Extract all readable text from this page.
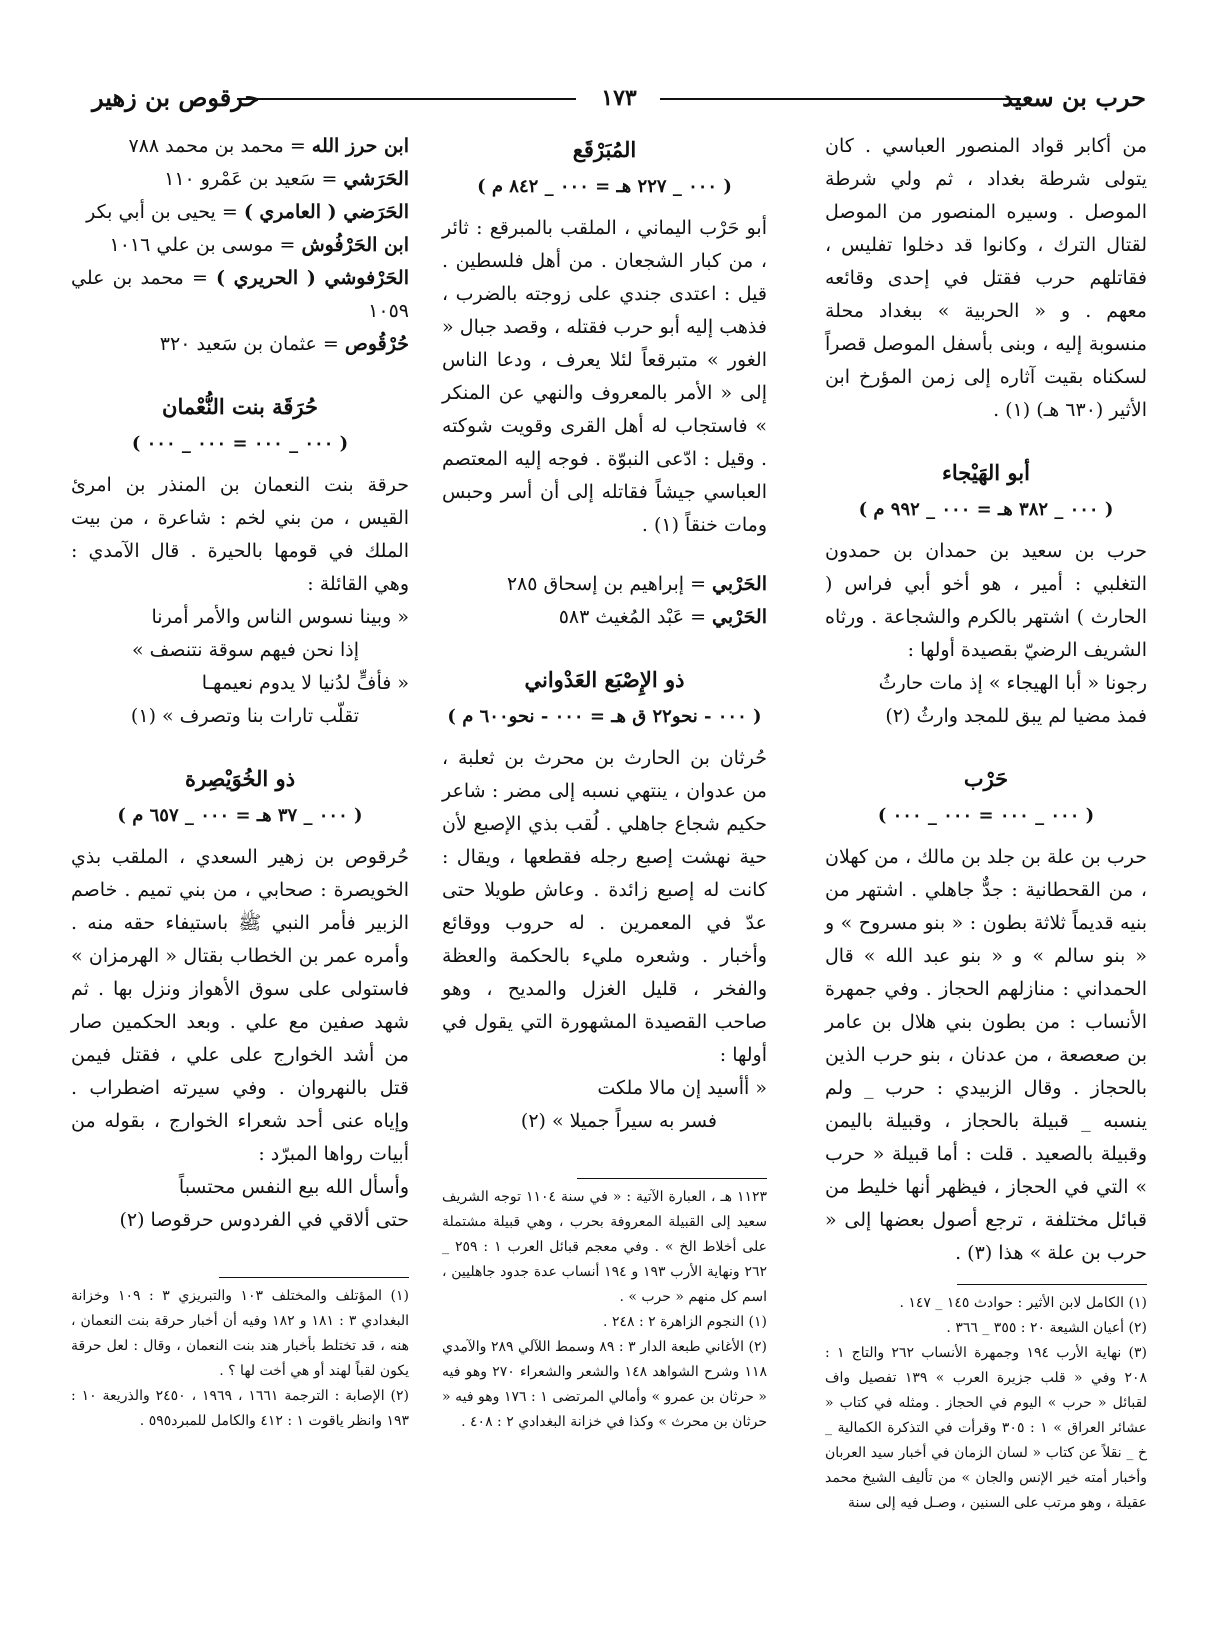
حرب بن سعيد
١٧٣
حرقوص بن زهير

من أكابر قواد المنصور العباسي . كان يتولى شرطة بغداد ، ثم ولي شرطة الموصل . وسيره المنصور من الموصل لقتال الترك ، وكانوا قد دخلوا تفليس ، فقاتلهم حرب فقتل في إحدى وقائعه معهم . و « الحربية » ببغداد محلة منسوبة إليه ، وبنى بأسفل الموصل قصراً لسكناه بقيت آثاره إلى زمن المؤرخ ابن الأثير (٦٣٠ هـ) (١) .

أبو الهَيْجاء

( ٠٠٠ _ ٣٨٢ هـ = ٠٠٠ _ ٩٩٢ م )

حرب بن سعيد بن حمدان بن حمدون التغلبي : أمير ، هو أخو أبي فراس ( الحارث ) اشتهر بالكرم والشجاعة . ورثاه الشريف الرضيّ بقصيدة أولها :

رجونا « أبا الهيجاء » إذ مات حارثُ

فمذ مضيا لم يبق للمجد وارثُ (٢)

حَرْب

( ٠٠٠ _ ٠٠٠ = ٠٠٠ _ ٠٠٠ )

حرب بن علة بن جلد بن مالك ، من كهلان ، من القحطانية : جدٌّ جاهلي . اشتهر من بنيه قديماً ثلاثة بطون : « بنو مسروح » و « بنو سالم » و « بنو عبد الله » قال الحمداني : منازلهم الحجاز . وفي جمهرة الأنساب : من بطون بني هلال بن عامر بن صعصعة ، من عدنان ، بنو حرب الذين بالحجاز . وقال الزبيدي : حرب _ ولم ينسبه _ قبيلة بالحجاز ، وقبيلة باليمن وقبيلة بالصعيد . قلت : أما قبيلة « حرب » التي في الحجاز ، فيظهر أنها خليط من قبائل مختلفة ، ترجع أصول بعضها إلى « حرب بن علة » هذا (٣) .

(١) الكامل لابن الأثير : حوادث ١٤٥ _ ١٤٧ .

(٢) أعيان الشيعة ٢٠ : ٣٥٥ _ ٣٦٦ .

(٣) نهاية الأرب ١٩٤ وجمهرة الأنساب ٢٦٢ والتاج ١ : ٢٠٨ وفي « قلب جزيرة العرب » ١٣٩ تفصيل واف لقبائل « حرب » اليوم في الحجاز . ومثله في كتاب « عشائر العراق » ١ : ٣٠٥ وقرأت في التذكرة الكمالية _ خ _ نقلاً عن كتاب « لسان الزمان في أخبار سيد العربان وأخبار أمته خير الإنس والجان » من تأليف الشيخ محمد عقيلة ، وهو مرتب على السنين ، وصـل فيه إلى سنة

المُبَرْقَع

( ٠٠٠ _ ٢٢٧ هـ = ٠٠٠ _ ٨٤٢ م )

أبو حَرْب اليماني ، الملقب بالمبرقع : ثائر ، من كبار الشجعان . من أهل فلسطين . قيل : اعتدى جندي على زوجته بالضرب ، فذهب إليه أبو حرب فقتله ، وقصد جبال « الغور » متبرقعاً لئلا يعرف ، ودعا الناس إلى « الأمر بالمعروف والنهي عن المنكر » فاستجاب له أهل القرى وقويت شوكته . وقيل : ادّعى النبوّة . فوجه إليه المعتصم العباسي جيشاً فقاتله إلى أن أسر وحبس ومات خنقاً (١) .

الحَرْبي = إبراهيم بن إسحاق ٢٨٥

الحَرْبي = عَبْد المُغيث ٥٨٣

ذو الإِصْبَع العَدْواني

( ٠٠٠ - نحو٢٢ ق هـ = ٠٠٠ - نحو٦٠٠ م )

حُرثان بن الحارث بن محرث بن ثعلبة ، من عدوان ، ينتهي نسبه إلى مضر : شاعر حكيم شجاع جاهلي . لُقب بذي الإصبع لأن حية نهشت إصبع رجله فقطعها ، ويقال : كانت له إصبع زائدة . وعاش طويلا حتى عدّ في المعمرين . له حروب ووقائع وأخبار . وشعره مليء بالحكمة والعظة والفخر ، قليل الغزل والمديح ، وهو صاحب القصيدة المشهورة التي يقول في أولها :

« أأسيد إن مالا ملكت

فسر به سيراً جميلا » (٢)

١١٢٣ هـ ، العبارة الآتية : « في سنة ١١٠٤ توجه الشريف سعيد إلى القبيلة المعروفة بحرب ، وهي قبيلة مشتملة على أخلاط الخ » . وفي معجم قبائل العرب ١ : ٢٥٩ _ ٢٦٢ ونهاية الأرب ١٩٣ و ١٩٤ أنساب عدة جدود جاهليين ، اسم كل منهم « حرب » .

(١) النجوم الزاهرة ٢ : ٢٤٨ .

(٢) الأغاني طبعة الدار ٣ : ٨٩ وسمط اللآلي ٢٨٩ والآمدي ١١٨ وشرح الشواهد ١٤٨ والشعر والشعراء ٢٧٠ وهو فيه « حرثان بن عمرو » وأمالي المرتضى ١ : ١٧٦ وهو فيه « حرثان بن محرث » وكذا في خزانة البغدادي ٢ : ٤٠٨ .

ابن حرز الله = محمد بن محمد ٧٨٨

الحَرَشي = سَعيد بن عَمْرو ١١٠

الحَرَضي ( العامري ) = يحيى بن أبي بكر

ابن الحَرْفُوش = موسى بن علي ١٠١٦

الحَرْفوشي ( الحريري ) = محمد بن علي ١٠٥٩

حُرْقُوص = عثمان بن سَعيد ٣٢٠

حُرَقَة بنت النُّعْمان

( ٠٠٠ _ ٠٠٠ = ٠٠٠ _ ٠٠٠ )

حرقة بنت النعمان بن المنذر بن امرئ القيس ، من بني لخم : شاعرة ، من بيت الملك في قومها بالحيرة . قال الآمدي : وهي القائلة :

« وبينا نسوس الناس والأمر أمرنا

إذا نحن فيهم سوقة نتنصف »

« فأفٍّ لدُنيا لا يدوم نعيمهـا

تقلّب تارات بنا وتصرف » (١)

ذو الخُوَيْصِرة

( ٠٠٠ _ ٣٧ هـ = ٠٠٠ _ ٦٥٧ م )

حُرقوص بن زهير السعدي ، الملقب بذي الخويصرة : صحابي ، من بني تميم . خاصم الزبير فأمر النبي ﷺ باستيفاء حقه منه . وأمره عمر بن الخطاب بقتال « الهرمزان » فاستولى على سوق الأهواز ونزل بها . ثم شهد صفين مع علي . وبعد الحكمين صار من أشد الخوارج على علي ، فقتل فيمن قتل بالنهروان . وفي سيرته اضطراب . وإياه عنى أحد شعراء الخوارج ، بقوله من أبيات رواها المبرّد :

وأسأل الله بيع النفس محتسباً

حتى ألاقي في الفردوس حرقوصا (٢)

(١) المؤتلف والمختلف ١٠٣ والتبريزي ٣ : ١٠٩ وخزانة البغدادي ٣ : ١٨١ و ١٨٢ وفيه أن أخبار حرقة بنت النعمان ، هنه ، قد تختلط بأخبار هند بنت النعمان ، وقال : لعل حرقة يكون لقباً لهند أو هي أخت لها ؟ .

(٢) الإصابة : الترجمة ١٦٦١ ، ١٩٦٩ ، ٢٤٥٠ والذريعة ١٠ : ١٩٣ وانظر ياقوت ١ : ٤١٢ والكامل للمبرد٥٩٥ .
